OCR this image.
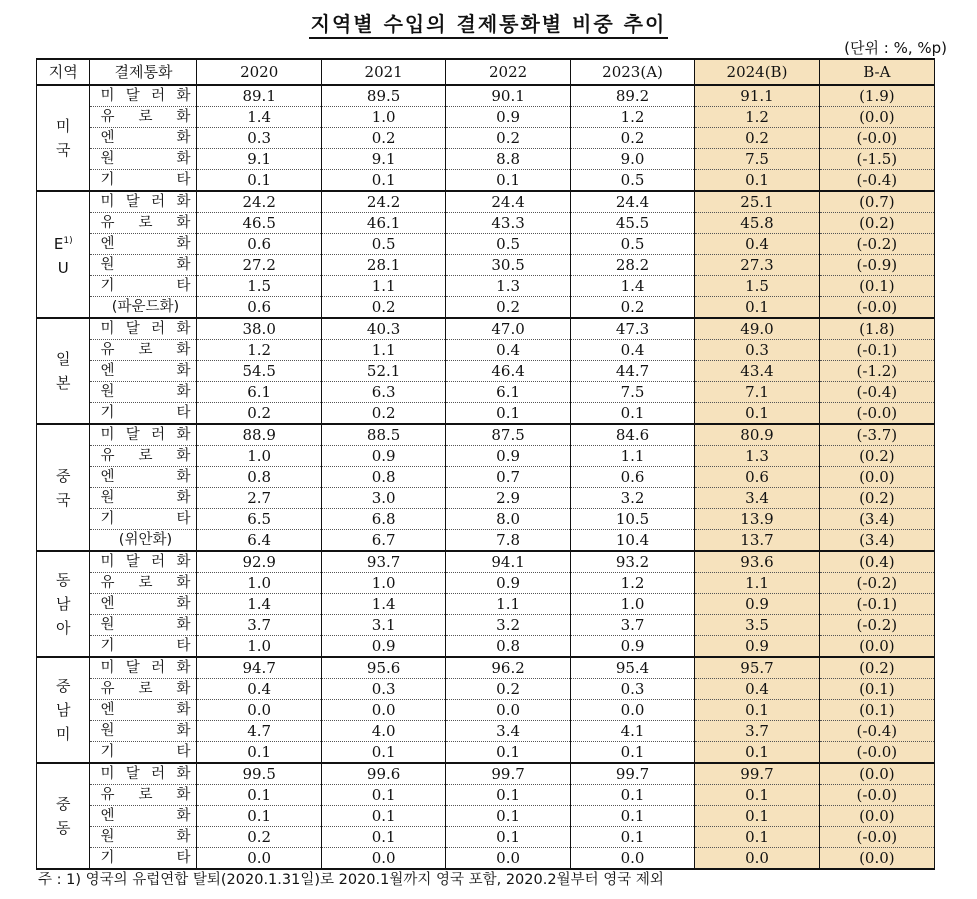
지역별 수입의 결제통화별 비중 추이
(단위 : %, %p)
지역	결제통화	2020	2021	2022	2023(A)	2024(B)	B-A

미
국	미 달 러 화	89.1	89.5	90.1	89.2	91.1	(1.9)
	유 로 화	1.4	1.0	0.9	1.2	1.2	(0.0)
	엔 화	0.3	0.2	0.2	0.2	0.2	(-0.0)
	원 화	9.1	9.1	8.8	9.0	7.5	(-1.5)
	기 타	0.1	0.1	0.1	0.5	0.1	(-0.4)

$E^{1)}$
U	미 달 러 화	24.2	24.2	24.4	24.4	25.1	(0.7)
	유 로 화	46.5	46.1	43.3	45.5	45.8	(0.2)
	엔 화	0.6	0.5	0.5	0.5	0.4	(-0.2)
	원 화	27.2	28.1	30.5	28.2	27.3	(-0.9)
	기 타	1.5	1.1	1.3	1.4	1.5	(0.1)
	(파운드화)	0.6	0.2	0.2	0.2	0.1	(-0.0)

일
본	미 달 러 화	38.0	40.3	47.0	47.3	49.0	(1.8)
	유 로 화	1.2	1.1	0.4	0.4	0.3	(-0.1)
	엔 화	54.5	52.1	46.4	44.7	43.4	(-1.2)
	원 화	6.1	6.3	6.1	7.5	7.1	(-0.4)
	기 타	0.2	0.2	0.1	0.1	0.1	(-0.0)

중
국	미 달 러 화	88.9	88.5	87.5	84.6	80.9	(-3.7)
	유 로 화	1.0	0.9	0.9	1.1	1.3	(0.2)
	엔 화	0.8	0.8	0.7	0.6	0.6	(0.0)
	원 화	2.7	3.0	2.9	3.2	3.4	(0.2)
	기 타	6.5	6.8	8.0	10.5	13.9	(3.4)
	(위안화)	6.4	6.7	7.8	10.4	13.7	(3.4)

동
남
아	미 달 러 화	92.9	93.7	94.1	93.2	93.6	(0.4)
	유 로 화	1.0	1.0	0.9	1.2	1.1	(-0.2)
	엔 화	1.4	1.4	1.1	1.0	0.9	(-0.1)
	원 화	3.7	3.1	3.2	3.7	3.5	(-0.2)
	기 타	1.0	0.9	0.8	0.9	0.9	(0.0)

중
남
미	미 달 러 화	94.7	95.6	96.2	95.4	95.7	(0.2)
	유 로 화	0.4	0.3	0.2	0.3	0.4	(0.1)
	엔 화	0.0	0.0	0.0	0.0	0.1	(0.1)
	원 화	4.7	4.0	3.4	4.1	3.7	(-0.4)
	기 타	0.1	0.1	0.1	0.1	0.1	(-0.0)

중
동	미 달 러 화	99.5	99.6	99.7	99.7	99.7	(0.0)
	유 로 화	0.1	0.1	0.1	0.1	0.1	(-0.0)
	엔 화	0.1	0.1	0.1	0.1	0.1	(0.0)
	원 화	0.2	0.1	0.1	0.1	0.1	(-0.0)
	기 타	0.0	0.0	0.0	0.0	0.0	(0.0)
주 : 1) 영국의 유럽연합 탈퇴(2020.1.31일)로 2020.1월까지 영국 포함, 2020.2월부터 영국 제외
